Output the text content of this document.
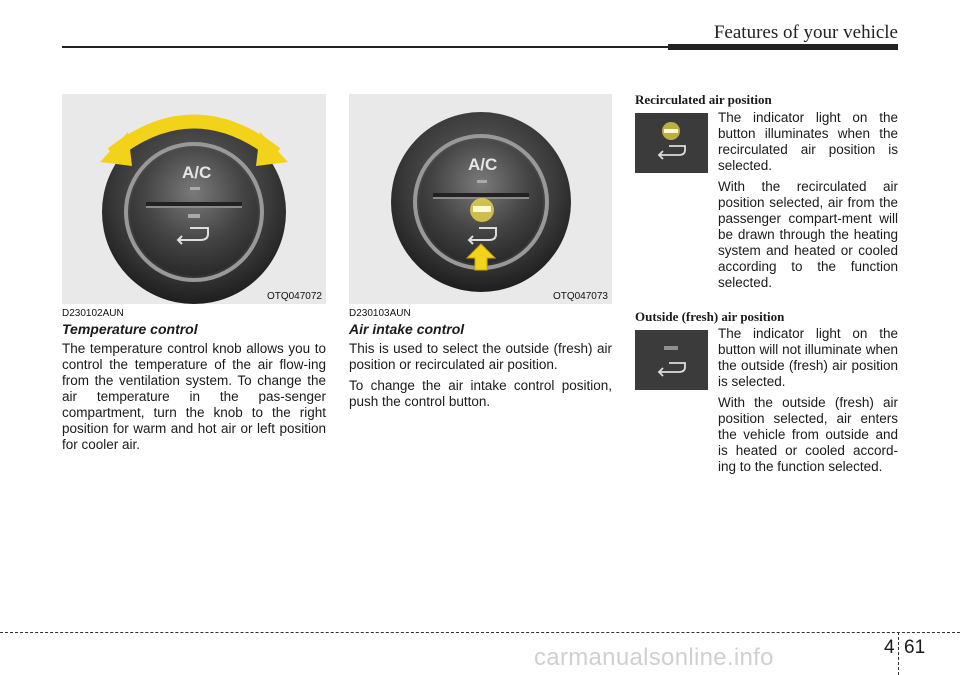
Features of your vehicle
A/C
OTQ047072
A/C
OTQ047073
D230102AUN
Temperature control

The temperature control knob allows you to control the temperature of the air flow-ing from the ventilation system. To change the air temperature in the pas-senger compartment, turn the knob to the right position for warm and hot air or left position for cooler air.

D230103AUN
Air intake control

This is used to select the outside (fresh) air position or recirculated air position.

To change the air intake control position, push the control button.

Recirculated air position

The indicator light on the button illuminates when the recirculated air position is selected.

With the recirculated air position selected, air from the passenger compart-ment will be drawn through the heating system and heated or cooled according to the function selected.

Outside (fresh) air position

The indicator light on the button will not illuminate when the outside (fresh) air position is selected.

With the outside (fresh) air position selected, air enters the vehicle from outside and is heated or cooled accord-ing to the function selected.

4 61
carmanualsonline.info
